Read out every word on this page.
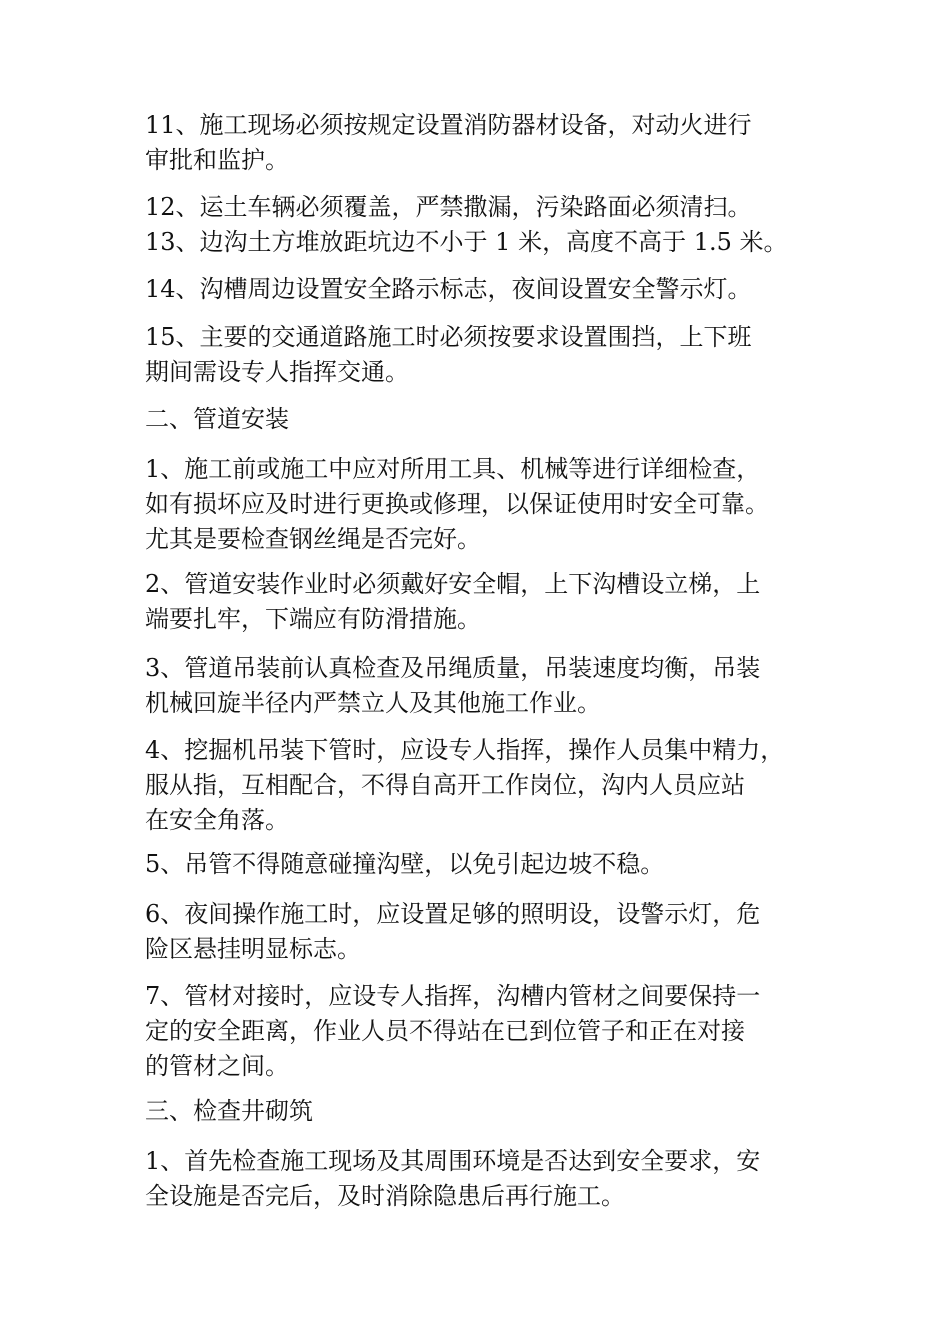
11、施工现场必须按规定设置消防器材设备，对动火进行
审批和监护。
12、运土车辆必须覆盖，严禁撒漏，污染路面必须清扫。
13、边沟土方堆放距坑边不小于 1 米，高度不高于 1.5 米。
14、沟槽周边设置安全路示标志，夜间设置安全警示灯。
15、主要的交通道路施工时必须按要求设置围挡，上下班
期间需设专人指挥交通。
二、管道安装
1、施工前或施工中应对所用工具、机械等进行详细检查，
如有损坏应及时进行更换或修理，以保证使用时安全可靠。
尤其是要检查钢丝绳是否完好。
2、管道安装作业时必须戴好安全帽，上下沟槽设立梯，上
端要扎牢，下端应有防滑措施。
3、管道吊装前认真检查及吊绳质量，吊装速度均衡，吊装
机械回旋半径内严禁立人及其他施工作业。
4、挖掘机吊装下管时，应设专人指挥，操作人员集中精力，
服从指，互相配合，不得自高开工作岗位，沟内人员应站
在安全角落。
5、吊管不得随意碰撞沟壁，以免引起边坡不稳。
6、夜间操作施工时，应设置足够的照明设，设警示灯，危
险区悬挂明显标志。
7、管材对接时，应设专人指挥，沟槽内管材之间要保持一
定的安全距离，作业人员不得站在已到位管子和正在对接
的管材之间。
三、检查井砌筑
1、首先检查施工现场及其周围环境是否达到安全要求，安
全设施是否完后，及时消除隐患后再行施工。
